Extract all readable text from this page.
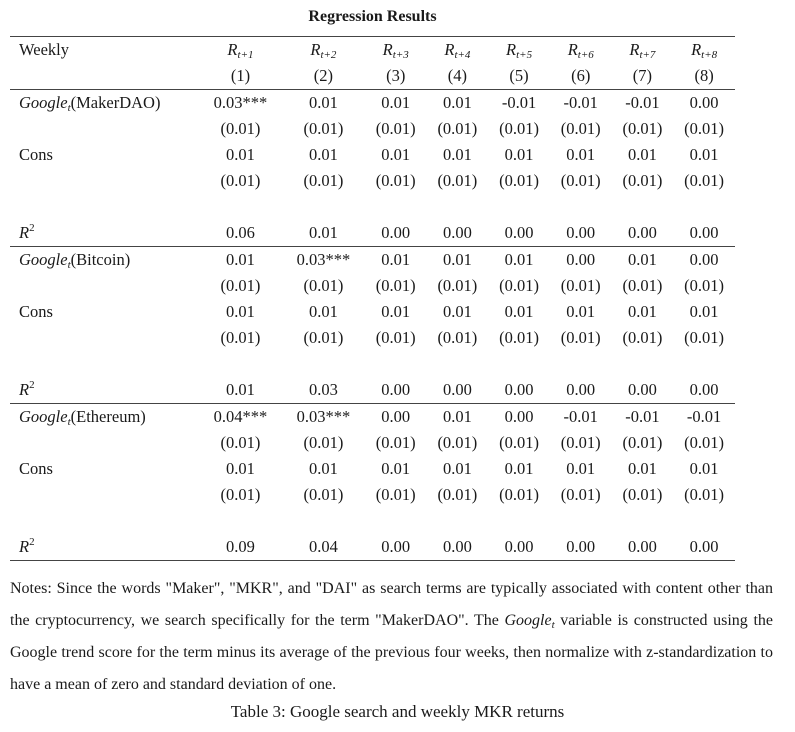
Regression Results
Weekly	$R_{t+1}$	$R_{t+2}$	$R_{t+3}$	$R_{t+4}$	$R_{t+5}$	$R_{t+6}$	$R_{t+7}$	$R_{t+8}$
	(1)	(2)	(3)	(4)	(5)	(6)	(7)	(8)
Google$_t$(MakerDAO)	0.03***	0.01	0.01	0.01	-0.01	-0.01	-0.01	0.00
	(0.01)	(0.01)	(0.01)	(0.01)	(0.01)	(0.01)	(0.01)	(0.01)
Cons	0.01	0.01	0.01	0.01	0.01	0.01	0.01	0.01
	(0.01)	(0.01)	(0.01)	(0.01)	(0.01)	(0.01)	(0.01)	(0.01)

$R^2$	0.06	0.01	0.00	0.00	0.00	0.00	0.00	0.00
Google$_t$(Bitcoin)	0.01	0.03***	0.01	0.01	0.01	0.00	0.01	0.00
	(0.01)	(0.01)	(0.01)	(0.01)	(0.01)	(0.01)	(0.01)	(0.01)
Cons	0.01	0.01	0.01	0.01	0.01	0.01	0.01	0.01
	(0.01)	(0.01)	(0.01)	(0.01)	(0.01)	(0.01)	(0.01)	(0.01)

$R^2$	0.01	0.03	0.00	0.00	0.00	0.00	0.00	0.00
Google$_t$(Ethereum)	0.04***	0.03***	0.00	0.01	0.00	-0.01	-0.01	-0.01
	(0.01)	(0.01)	(0.01)	(0.01)	(0.01)	(0.01)	(0.01)	(0.01)
Cons	0.01	0.01	0.01	0.01	0.01	0.01	0.01	0.01
	(0.01)	(0.01)	(0.01)	(0.01)	(0.01)	(0.01)	(0.01)	(0.01)

$R^2$	0.09	0.04	0.00	0.00	0.00	0.00	0.00	0.00
Notes: Since the words "Maker", "MKR", and "DAI" as search terms are typically associated with content other than the cryptocurrency, we search specifically for the term "MakerDAO". The Google$_t$ variable is constructed using the Google trend score for the term minus its average of the previous four weeks, then normalize with z-standardization to have a mean of zero and standard deviation of one.
Table 3: Google search and weekly MKR returns
